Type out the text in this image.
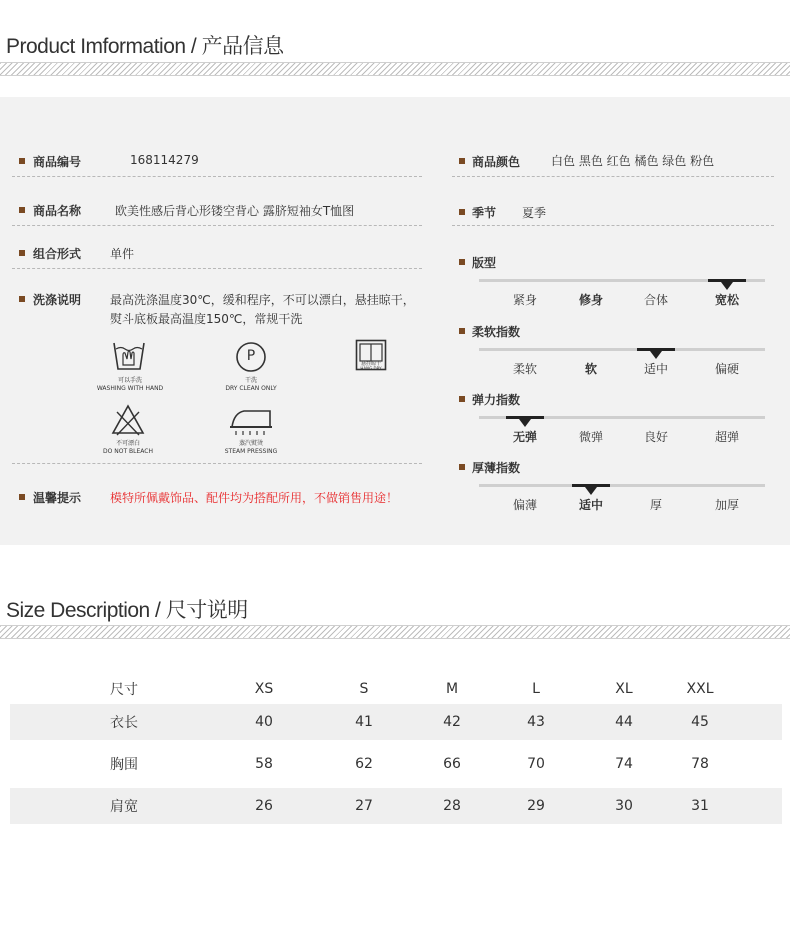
Product Imformation / 产品信息
商品编号	168114279
商品名称	欧美性感后背心形镂空背心 露脐短袖女T恤图
组合形式 单件
洗涤说明 最高洗涤温度30℃，缓和程序，不可以漂白，悬挂晾干，
熨斗底板最高温度150℃，常规干洗
可以手洗
WASHING WITH HAND
P
干洗
DRY CLEAN ONLY
悬挂晾干
HANG DRY
不可漂白
DO NOT BLEACH
蒸汽熨烫
STEAM PRESSING
温馨提示 模特所佩戴饰品、配件均为搭配所用，不做销售用途！
商品颜色	白色 黑色 红色 橘色 绿色 粉色
季节 夏季
版型
紧身	修身	合体	宽松
柔软指数
柔软	软	适中	偏硬
弹力指数
无弹	微弹	良好	超弹
厚薄指数
偏薄	适中	厚	加厚
Size Description / 尺寸说明
尺寸	XS	S	M	L	XL	XXL
衣长	40	41	42	43	44	45
胸围	58	62	66	70	74	78
肩宽	26	27	28	29	30	31
